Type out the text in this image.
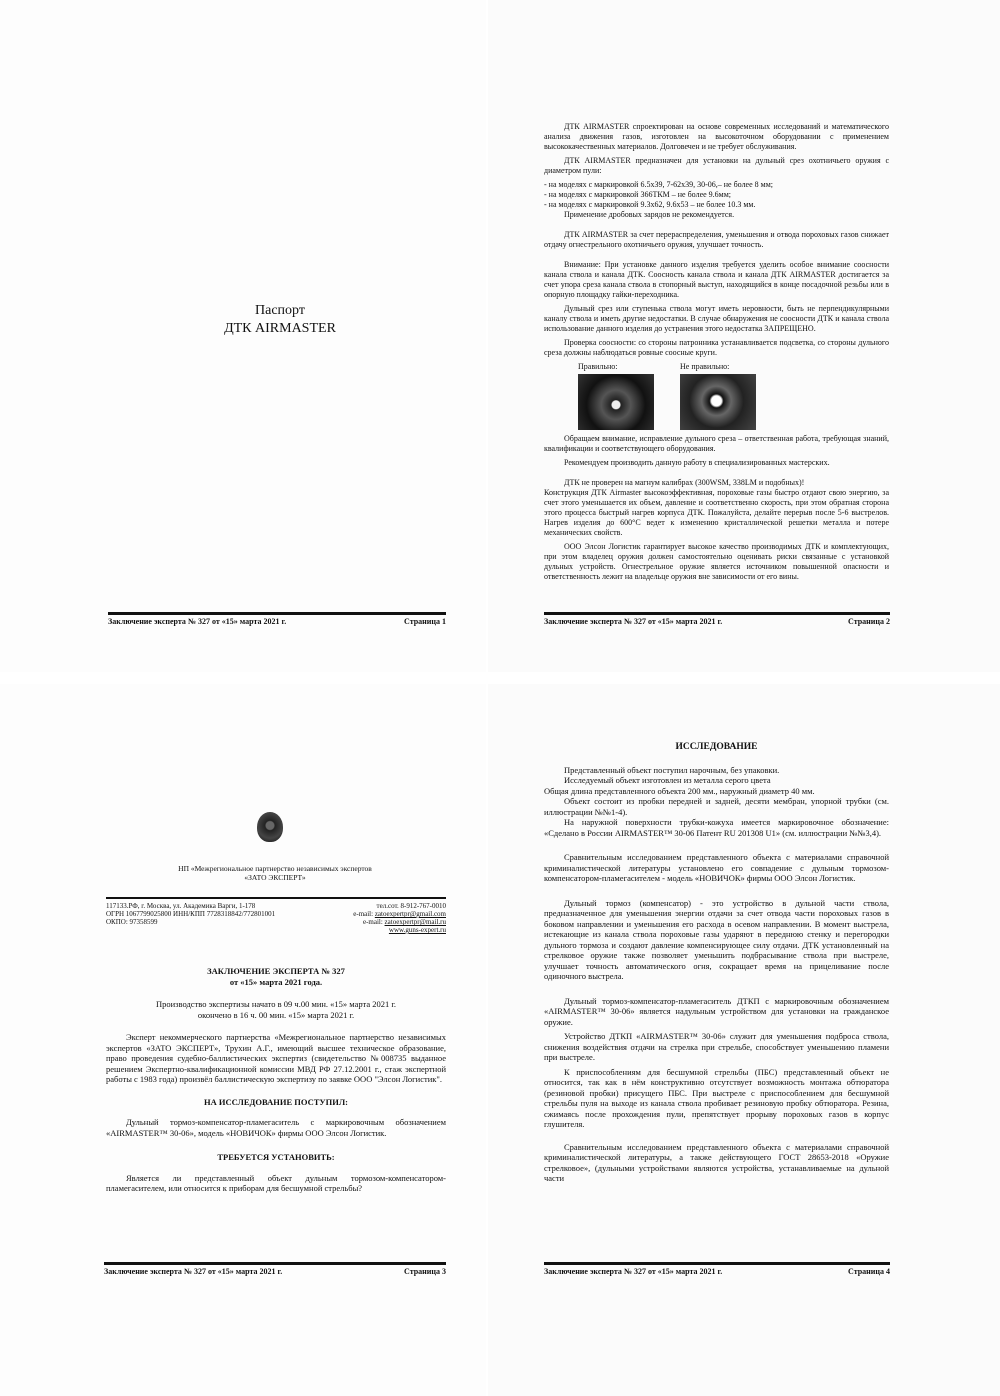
Паспорт
ДТК AIRMASTER
Заключение эксперта № 327 от «15» марта 2021 г.	Страница 1

ДТК AIRMASTER спроектирован на основе современных исследований и математического анализа движения газов, изготовлен на высокоточном оборудовании с применением высококачественных материалов. Долговечен и не требует обслуживания.

ДТК AIRMASTER предназначен для установки на дульный срез охотничьего оружия с диаметром пули:

- на моделях с маркировкой 6.5х39, 7-62х39, 30-06,– не более 8 мм;

- на моделях с маркировкой 366ТКМ – не более 9.6мм;

- на моделях с маркировкой 9.3х62, 9.6х53 – не более 10.3 мм.

Применение дробовых зарядов не рекомендуется.

ДТК AIRMASTER за счет перераспределения, уменьшения и отвода пороховых газов снижает отдачу огнестрельного охотничьего оружия, улучшает точность.

Внимание: При установке данного изделия требуется уделить особое внимание соосности канала ствола и канала ДТК. Соосность канала ствола и канала ДТК AIRMASTER достигается за счет упора среза канала ствола в стопорный выступ, находящийся в конце посадочной резьбы или в опорную площадку гайки-переходника.

Дульный срез или ступенька ствола могут иметь неровности, быть не перпендикулярными каналу ствола и иметь другие недостатки. В случае обнаружения не соосности ДТК и канала ствола использование данного изделия до устранения этого недостатка ЗАПРЕЩЕНО.

Проверка соосности: со стороны патронника устанавливается подсветка, со стороны дульного среза должны наблюдаться ровные соосные круги.

Правильно:	Не правильно:

Обращаем внимание, исправление дульного среза – ответственная работа, требующая знаний, квалификации и соответствующего оборудования.

Рекомендуем производить данную работу в специализированных мастерских.

ДТК не проверен на магнум калибрах (300WSM, 338LM и подобных)!

Конструкция ДТК Airmaster высокоэффективная, пороховые газы быстро отдают свою энергию, за счет этого уменьшается их объем, давление и соответственно скорость, при этом обратная сторона этого процесса быстрый нагрев корпуса ДТК. Пожалуйста, делайте перерыв после 5-6 выстрелов. Нагрев изделия до 600°С ведет к изменению кристаллической решетки металла и потере механических свойств.

ООО Элсон Логистик гарантирует высокое качество производимых ДТК и комплектующих, при этом владелец оружия должен самостоятельно оценивать риски связанные с установкой дульных устройств. Огнестрельное оружие является источником повышенной опасности и ответственность лежит на владельце оружия вне зависимости от его вины.

Заключение эксперта № 327 от «15» марта 2021 г.	Страница 2
НП «Межрегиональное партнерство независимых экспертов
«ЗАТО ЭКСПЕРТ»
117133.РФ, г. Москва, ул. Академика Варги, 1-178
ОГРН 1067799025800 ИНН/КПП 7728318842/772801001
ОКПО: 97358599
тел.сот. 8-912-767-0010
e-mail: zatoexpertpr@gmail.com
e-mail: zatoexpertpr@mail.ru
www.guns-expert.ru

ЗАКЛЮЧЕНИЕ ЭКСПЕРТА № 327

от «15» марта 2021 года.

Производство экспертизы начато в 09 ч.00 мин. «15» марта 2021 г.

окончено в 16 ч. 00 мин. «15» марта 2021 г.

Эксперт некоммерческого партнерства «Межрегиональное партнерство независимых экспертов «ЗАТО ЭКСПЕРТ», Трухин А.Г., имеющий высшее техническое образование, право проведения судебно-баллистических экспертиз (свидетельство №008735 выданное решением Экспертно-квалификационной комиссии МВД РФ 27.12.2001 г., стаж экспертной работы с 1983 года) произвёл баллистическую экспертизу по заявке ООО "Элсон Логистик".

НА ИССЛЕДОВАНИЕ ПОСТУПИЛ:

Дульный тормоз-компенсатор-пламегаситель с маркировочным обозначением «AIRMASTER™ 30-06», модель «НОВИЧОК» фирмы ООО Элсон Логистик.

ТРЕБУЕТСЯ УСТАНОВИТЬ:

Является ли представленный объект дульным тормозом-компенсатором-пламегасителем, или относится к приборам для бесшумной стрельбы?

Заключение эксперта № 327 от «15» марта 2021 г.	Страница 3
ИССЛЕДОВАНИЕ

Представленный объект поступил нарочным, без упаковки.

Исследуемый объект изготовлен из металла серого цвета

Общая длина представленного объекта 200 мм., наружный диаметр 40 мм.

Объект состоит из пробки передней и задней, десяти мембран, упорной трубки (см. иллюстрации №№1-4).

На наружной поверхности трубки-кожуха имеется маркировочное обозначение: «Сделано в России AIRMASTER™ 30-06 Патент RU 201308 U1» (см. иллюстрации №№3,4).

Сравнительным исследованием представленного объекта с материалами справочной криминалистической литературы установлено его совпадение с дульным тормозом-компенсатором-пламегасителем - модель «НОВИЧОК» фирмы ООО Элсон Логистик.

Дульный тормоз (компенсатор) - это устройство в дульной части ствола, предназначенное для уменьшения энергии отдачи за счет отвода части пороховых газов в боковом направлении и уменьшения его расхода в осевом направлении. В момент выстрела, истекающие из канала ствола пороховые газы ударяют в переднюю стенку и перегородки дульного тормоза и создают давление компенсирующее силу отдачи. ДТК установленный на стрелковое оружие также позволяет уменьшить подбрасывание ствола при выстреле, улучшает точность автоматического огня, сокращает время на прицеливание после одиночного выстрела.

Дульный тормоз-компенсатор-пламегаситель ДТКП с маркировочным обозначением «AIRMASTER™ 30-06» является надульным устройством для установки на гражданское оружие.

Устройство ДТКП «AIRMASTER™ 30-06» служит для уменьшения подброса ствола, снижения воздействия отдачи на стрелка при стрельбе, способствует уменьшению пламени при выстреле.

К приспособлениям для бесшумной стрельбы (ПБС) представленный объект не относится, так как в нём конструктивно отсутствует возможность монтажа обтюратора (резиновой пробки) присущего ПБС. При выстреле с приспособлением для бесшумной стрельбы пуля на выходе из канала ствола пробивает резиновую пробку обтюратора. Резина, сжимаясь после прохождения пули, препятствует прорыву пороховых газов в корпус глушителя.

Сравнительным исследованием представленного объекта с материалами справочной криминалистической литературы, а также действующего ГОСТ 28653-2018 «Оружие стрелковое», (дульными устройствами являются устройства, устанавливаемые на дульной части

Заключение эксперта № 327 от «15» марта 2021 г.	Страница 4
